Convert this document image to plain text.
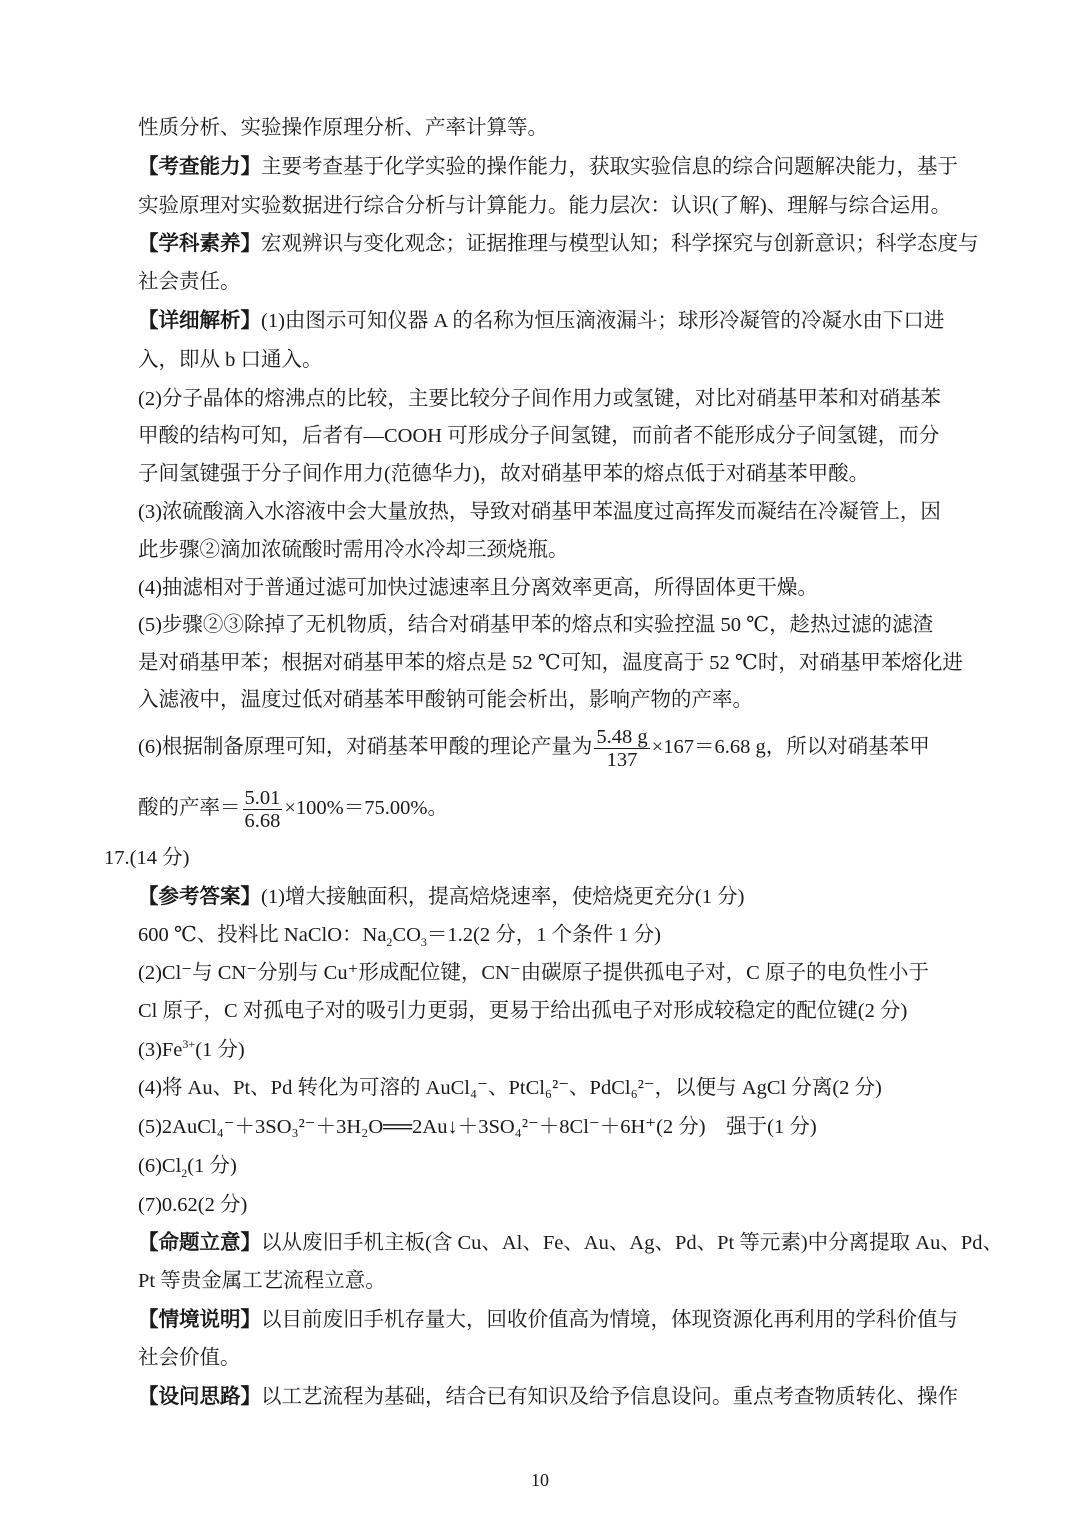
性质分析、实验操作原理分析、产率计算等。
【考查能力】主要考查基于化学实验的操作能力，获取实验信息的综合问题解决能力，基于
实验原理对实验数据进行综合分析与计算能力。能力层次：认识(了解)、理解与综合运用。
【学科素养】宏观辨识与变化观念；证据推理与模型认知；科学探究与创新意识；科学态度与
社会责任。
【详细解析】(1)由图示可知仪器 A 的名称为恒压滴液漏斗；球形冷凝管的冷凝水由下口进
入，即从 b 口通入。
(2)分子晶体的熔沸点的比较，主要比较分子间作用力或氢键，对比对硝基甲苯和对硝基苯
甲酸的结构可知，后者有—COOH 可形成分子间氢键，而前者不能形成分子间氢键，而分
子间氢键强于分子间作用力(范德华力)，故对硝基甲苯的熔点低于对硝基苯甲酸。
(3)浓硫酸滴入水溶液中会大量放热，导致对硝基甲苯温度过高挥发而凝结在冷凝管上，因
此步骤②滴加浓硫酸时需用冷水冷却三颈烧瓶。
(4)抽滤相对于普通过滤可加快过滤速率且分离效率更高，所得固体更干燥。
(5)步骤②③除掉了无机物质，结合对硝基甲苯的熔点和实验控温 50 ℃，趁热过滤的滤渣
是对硝基甲苯；根据对硝基甲苯的熔点是 52 ℃可知，温度高于 52 ℃时，对硝基甲苯熔化进
入滤液中，温度过低对硝基苯甲酸钠可能会析出，影响产物的产率。
(6)根据制备原理可知，对硝基苯甲酸的理论产量为 $\frac{5.48 g}{137} \times 167=6.68$ g，所以对硝基苯甲
酸的产率＝ $\frac{5.01}{6.68} \times 100\%=75.00\%$。
17.(14 分)
【参考答案】(1)增大接触面积，提高焙烧速率，使焙烧更充分(1 分)
600 ℃、投料比 NaClO：$Na_2CO_3=1.2(2$ 分，1 个条件 1 分)
(2)Cl⁻与 CN⁻分别与 Cu⁺形成配位键，CN⁻由碳原子提供孤电子对，C 原子的电负性小于
Cl 原子，C 对孤电子对的吸引力更弱，更易于给出孤电子对形成较稳定的配位键(2 分)
$(3)Fe^{3+}(1$ 分)
(4)将 Au、Pt、Pd 转化为可溶的 AuCl₄⁻、PtCl₆²⁻、PdCl₆²⁻，以便与 AgCl 分离(2 分)
(5)2AuCl₄⁻＋3SO₃²⁻＋3H₂O══2Au↓＋3SO₄²⁻＋8Cl⁻＋6H⁺(2 分)　强于(1 分)
$(6)Cl_2(1$ 分)
(7)0.62(2 分)
【命题立意】以从废旧手机主板(含 Cu、Al、Fe、Au、Ag、Pd、Pt 等元素)中分离提取 Au、Pd、
Pt 等贵金属工艺流程立意。
【情境说明】以目前废旧手机存量大，回收价值高为情境，体现资源化再利用的学科价值与
社会价值。
【设问思路】以工艺流程为基础，结合已有知识及给予信息设问。重点考查物质转化、操作
10
